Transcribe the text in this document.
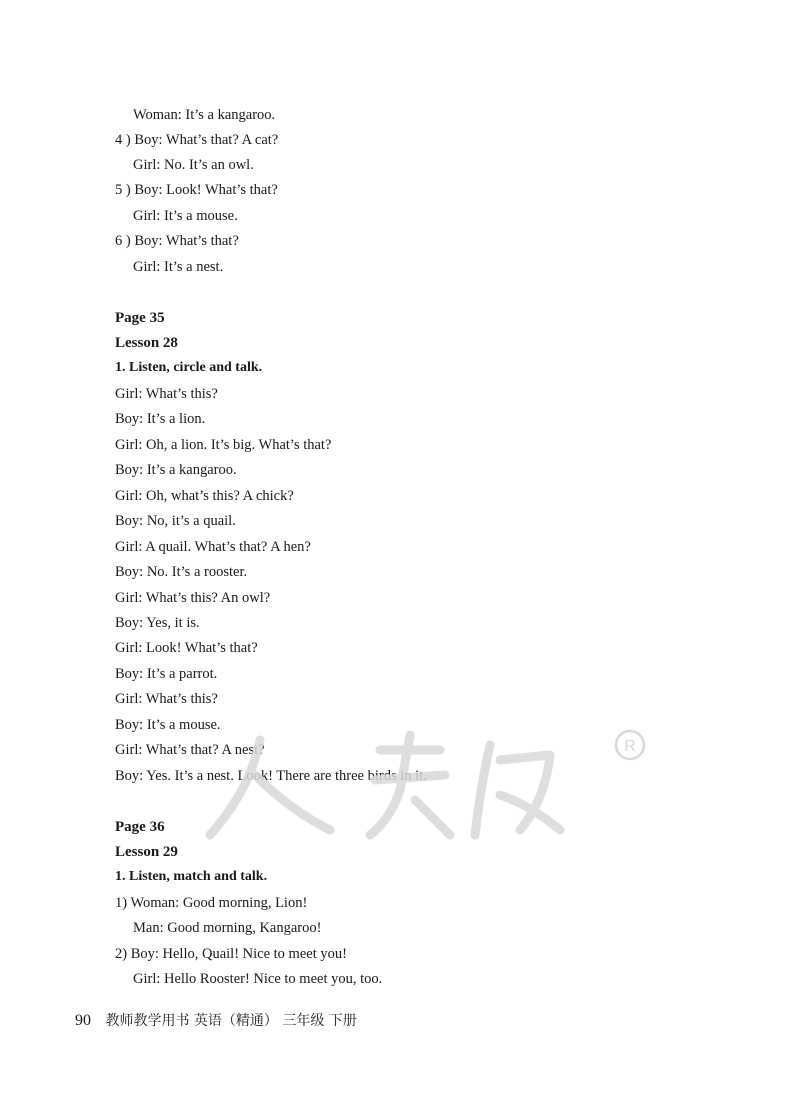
Woman: It’s a kangaroo.
4 ) Boy: What’s that? A cat?
Girl: No. It’s an owl.
5 ) Boy: Look! What’s that?
Girl: It’s a mouse.
6 ) Boy: What’s that?
Girl: It’s a nest.
Page 35
Lesson 28
1. Listen, circle and talk.
Girl: What’s this?
Boy: It’s a lion.
Girl: Oh, a lion. It’s big. What’s that?
Boy: It’s a kangaroo.
Girl: Oh, what’s this? A chick?
Boy: No, it’s a quail.
Girl: A quail. What’s that? A hen?
Boy: No. It’s a rooster.
Girl: What’s this? An owl?
Boy: Yes, it is.
Girl: Look! What’s that?
Boy: It’s a parrot.
Girl: What’s this?
Boy: It’s a mouse.
Girl: What’s that? A nest?
Boy: Yes. It’s a nest. Look! There are three birds in it.
Page 36
Lesson 29
1. Listen, match and talk.
1) Woman: Good morning, Lion!
Man: Good morning, Kangaroo!
2) Boy: Hello, Quail! Nice to meet you!
Girl: Hello Rooster! Nice to meet you, too.
90 教师教学用书 英语（精通） 三年级 下册
R
